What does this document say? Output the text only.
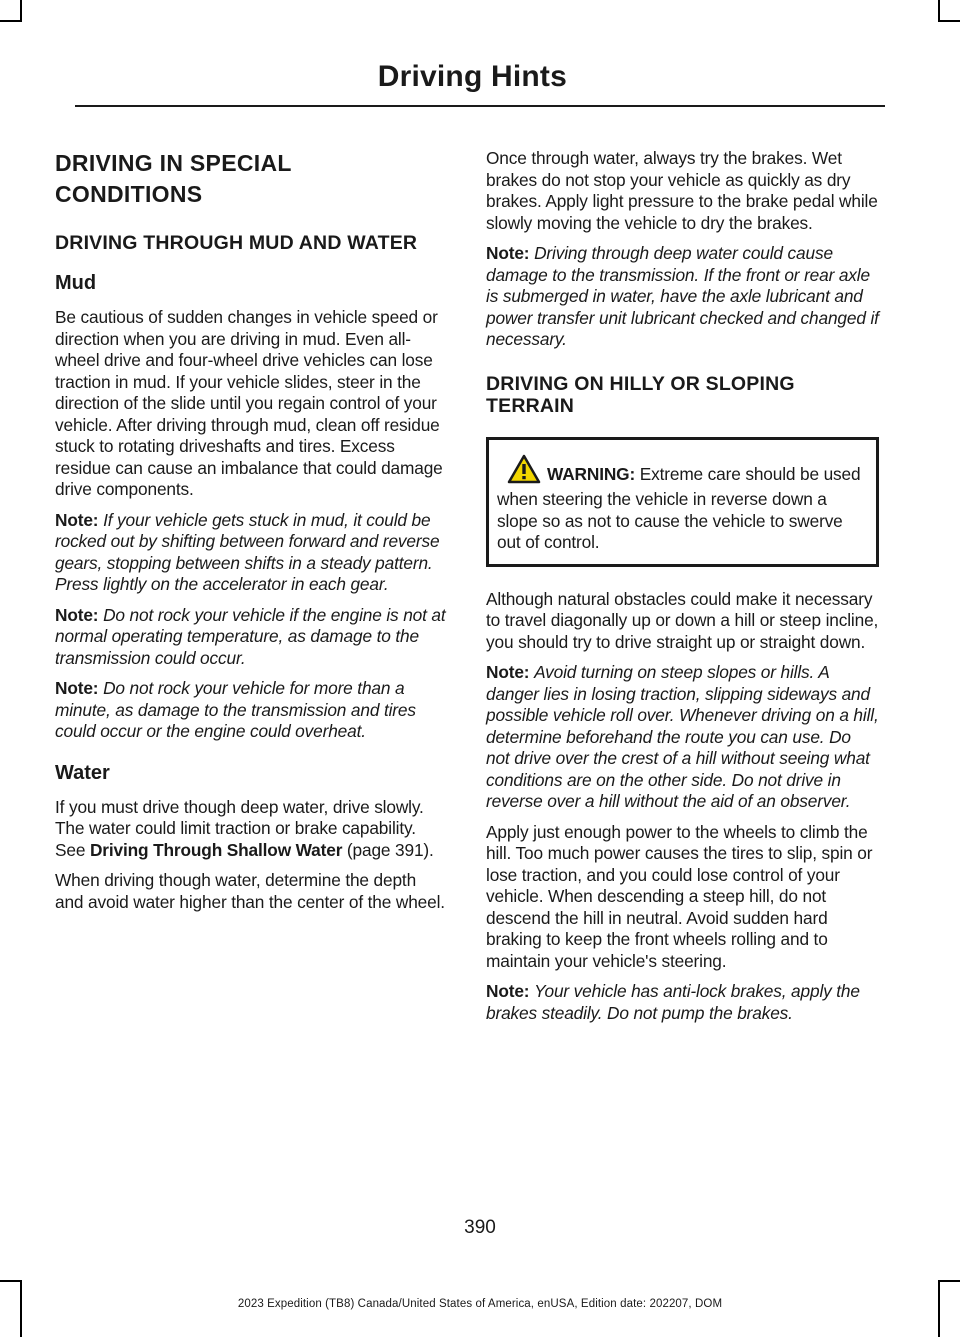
Driving Hints
DRIVING IN SPECIAL
CONDITIONS
DRIVING THROUGH MUD AND WATER
Mud

Be cautious of sudden changes in vehicle speed or direction when you are driving in mud. Even all-wheel drive and four-wheel drive vehicles can lose traction in mud. If your vehicle slides, steer in the direction of the slide until you regain control of your vehicle. After driving through mud, clean off residue stuck to rotating driveshafts and tires. Excess residue can cause an imbalance that could damage drive components.

Note: If your vehicle gets stuck in mud, it could be rocked out by shifting between forward and reverse gears, stopping between shifts in a steady pattern. Press lightly on the accelerator in each gear.

Note: Do not rock your vehicle if the engine is not at normal operating temperature, as damage to the transmission could occur.

Note: Do not rock your vehicle for more than a minute, as damage to the transmission and tires could occur or the engine could overheat.

Water

If you must drive though deep water, drive slowly. The water could limit traction or brake capability. See Driving Through Shallow Water (page 391).

When driving though water, determine the depth and avoid water higher than the center of the wheel.

Once through water, always try the brakes. Wet brakes do not stop your vehicle as quickly as dry brakes. Apply light pressure to the brake pedal while slowly moving the vehicle to dry the brakes.

Note: Driving through deep water could cause damage to the transmission. If the front or rear axle is submerged in water, have the axle lubricant and power transfer unit lubricant checked and changed if necessary.

DRIVING ON HILLY OR SLOPING TERRAIN
WARNING: Extreme care should be used when steering the vehicle in reverse down a slope so as not to cause the vehicle to swerve out of control.

Although natural obstacles could make it necessary to travel diagonally up or down a hill or steep incline, you should try to drive straight up or straight down.

Note: Avoid turning on steep slopes or hills. A danger lies in losing traction, slipping sideways and possible vehicle roll over. Whenever driving on a hill, determine beforehand the route you can use. Do not drive over the crest of a hill without seeing what conditions are on the other side. Do not drive in reverse over a hill without the aid of an observer.

Apply just enough power to the wheels to climb the hill. Too much power causes the tires to slip, spin or lose traction, and you could lose control of your vehicle. When descending a steep hill, do not descend the hill in neutral. Avoid sudden hard braking to keep the front wheels rolling and to maintain your vehicle's steering.

Note: Your vehicle has anti-lock brakes, apply the brakes steadily. Do not pump the brakes.

390
2023 Expedition (TB8) Canada/United States of America, enUSA, Edition date: 202207, DOM
